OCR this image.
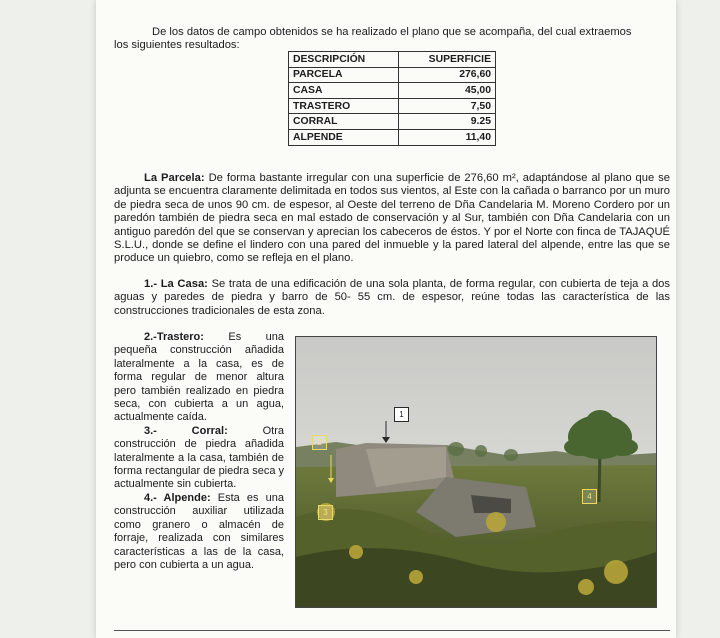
De los datos de campo obtenidos se ha realizado el plano que se acompaña, del cual extraemos
los siguientes resultados:
DESCRIPCIÓN	SUPERFICIE
PARCELA	276,60
CASA	45,00
TRASTERO	7,50
CORRAL	9.25
ALPENDE	11,40

La Parcela: De forma bastante irregular con una superficie de 276,60 m², adaptándose al plano que se adjunta se encuentra claramente delimitada en todos sus vientos, al Este con la cañada o barranco por un muro de piedra seca de unos 90 cm. de espesor, al Oeste del terreno de Dña Candelaria M. Moreno Cordero por un paredón también de piedra seca en mal estado de conservación y al Sur, también con Dña Candelaria con un antiguo paredón del que se conservan y aprecian los cabeceros de éstos. Y por el Norte con finca de TAJAQUÉ S.L.U., donde se define el lindero con una pared del inmueble y la pared lateral del alpende, entre las que se produce un quiebro, como se refleja en el plano.

1.- La Casa: Se trata de una edificación de una sola planta, de forma regular, con cubierta de teja a dos aguas y paredes de piedra y barro de 50- 55 cm. de espesor, reúne todas las característica de las construcciones tradicionales de esta zona.

2.-Trastero: Es una pequeña construcción añadida lateralmente a la casa, es de forma regular de menor altura pero también realizado en piedra seca, con cubierta a un agua, actualmente caída.

3.- Corral: Otra construcción de piedra añadida lateralmente a la casa, también de forma rectangular de piedra seca y actualmente sin cubierta.

4.- Alpende: Esta es una construcción auxiliar utilizada como granero o almacén de forraje, realizada con similares características a las de la casa, pero con cubierta a un agua.

1
2
3
4
